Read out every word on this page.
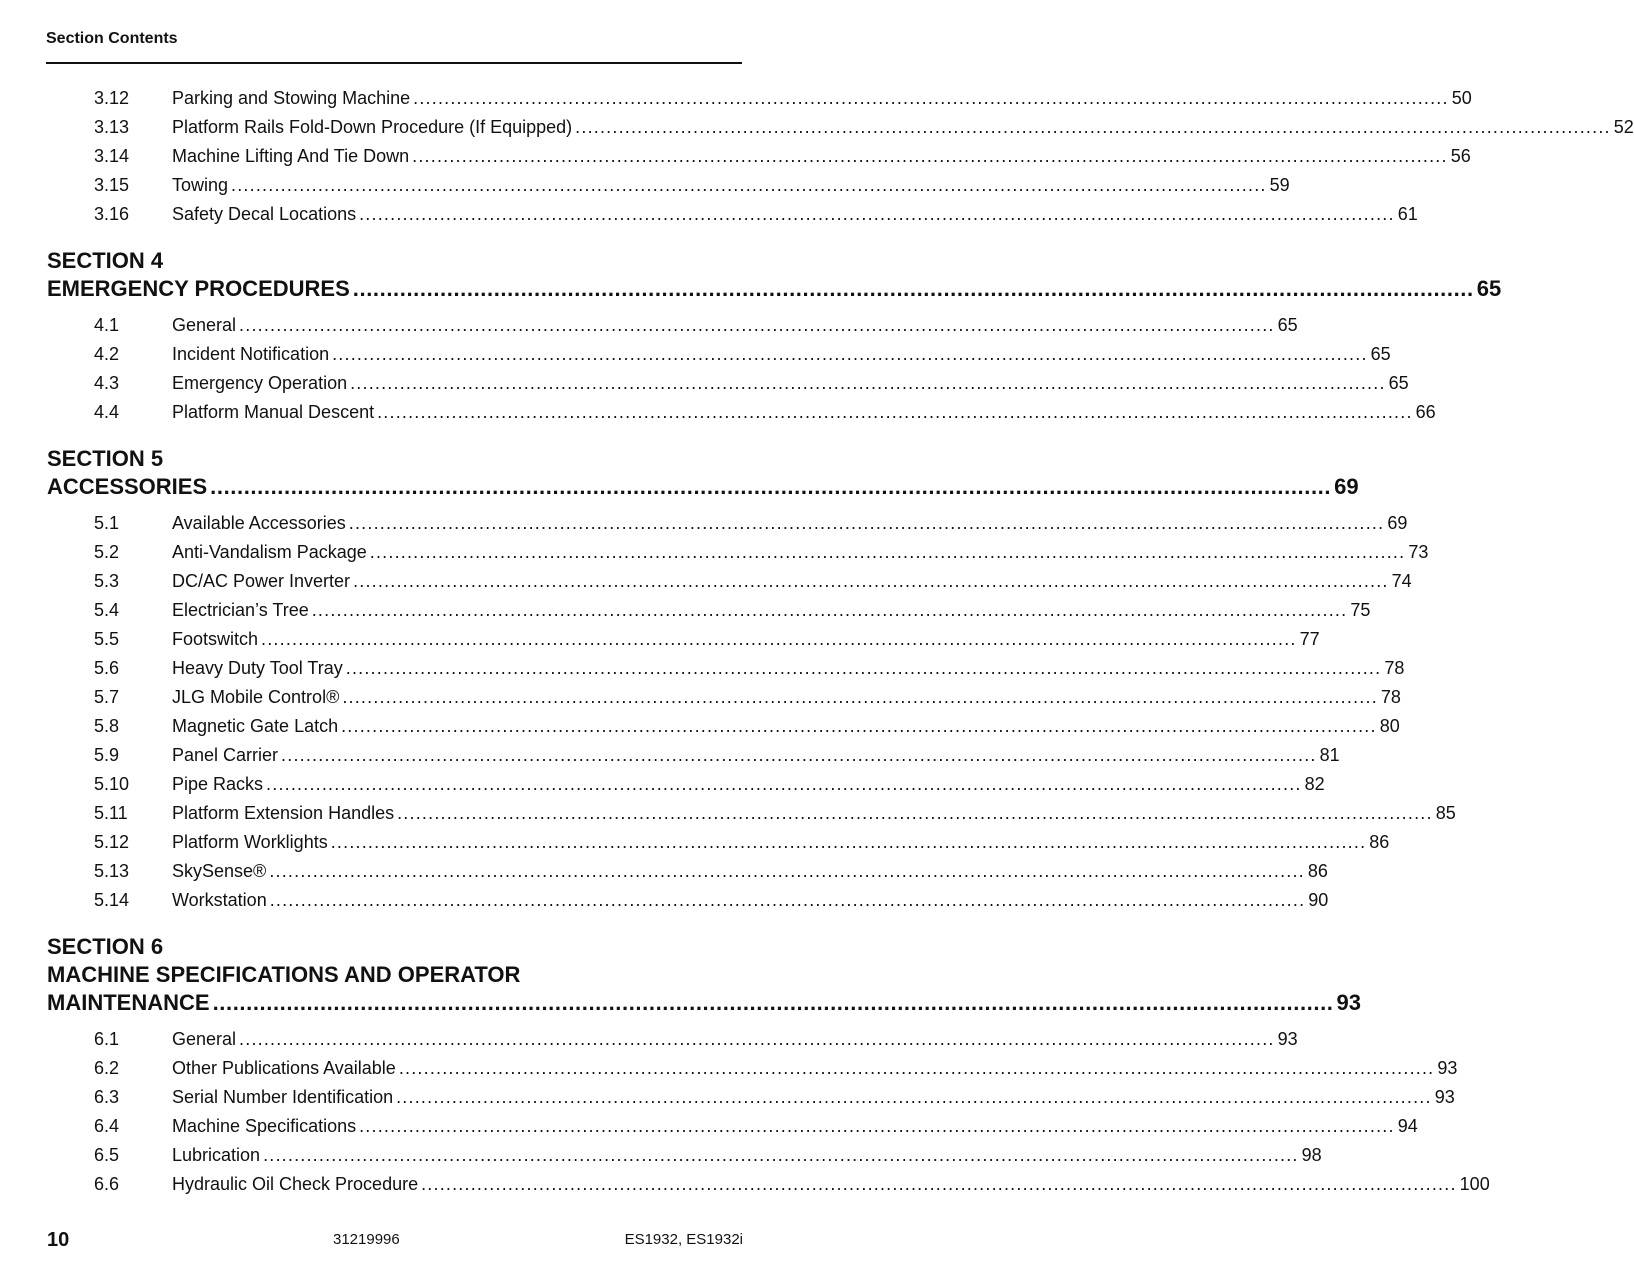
Section Contents
3.12 Parking and Stowing Machine ....................................................................................................................................................................... 50
3.13 Platform Rails Fold-Down Procedure (If Equipped) ....................................................................................................................................................................... 52
3.14 Machine Lifting And Tie Down ....................................................................................................................................................................... 56
3.15 Towing ....................................................................................................................................................................... 59
3.16 Safety Decal Locations ....................................................................................................................................................................... 61
SECTION 4
EMERGENCY PROCEDURES ....................................................................................................................................................................... 65
4.1	General ....................................................................................................................................................................... 65
4.2	Incident Notification ....................................................................................................................................................................... 65
4.3	Emergency Operation ....................................................................................................................................................................... 65
4.4	Platform Manual Descent ....................................................................................................................................................................... 66
SECTION 5
ACCESSORIES ....................................................................................................................................................................... 69
5.1	Available Accessories ....................................................................................................................................................................... 69
5.2	Anti-Vandalism Package ....................................................................................................................................................................... 73
5.3	DC/AC Power Inverter ....................................................................................................................................................................... 74
5.4	Electrician’s Tree ....................................................................................................................................................................... 75
5.5	Footswitch ....................................................................................................................................................................... 77
5.6	Heavy Duty Tool Tray ....................................................................................................................................................................... 78
5.7	JLG Mobile Control® ....................................................................................................................................................................... 78
5.8	Magnetic Gate Latch ....................................................................................................................................................................... 80
5.9	Panel Carrier ....................................................................................................................................................................... 81
5.10 Pipe Racks ....................................................................................................................................................................... 82
5.11 Platform Extension Handles ....................................................................................................................................................................... 85
5.12 Platform Worklights ....................................................................................................................................................................... 86
5.13 SkySense® ....................................................................................................................................................................... 86
5.14 Workstation ....................................................................................................................................................................... 90
SECTION 6
MACHINE SPECIFICATIONS AND OPERATOR
MAINTENANCE ....................................................................................................................................................................... 93
6.1	General ....................................................................................................................................................................... 93
6.2	Other Publications Available ....................................................................................................................................................................... 93
6.3	Serial Number Identification ....................................................................................................................................................................... 93
6.4	Machine Specifications ....................................................................................................................................................................... 94
6.5	Lubrication ....................................................................................................................................................................... 98
6.6	Hydraulic Oil Check Procedure ....................................................................................................................................................................... 100
10	31219996	ES1932, ES1932i
